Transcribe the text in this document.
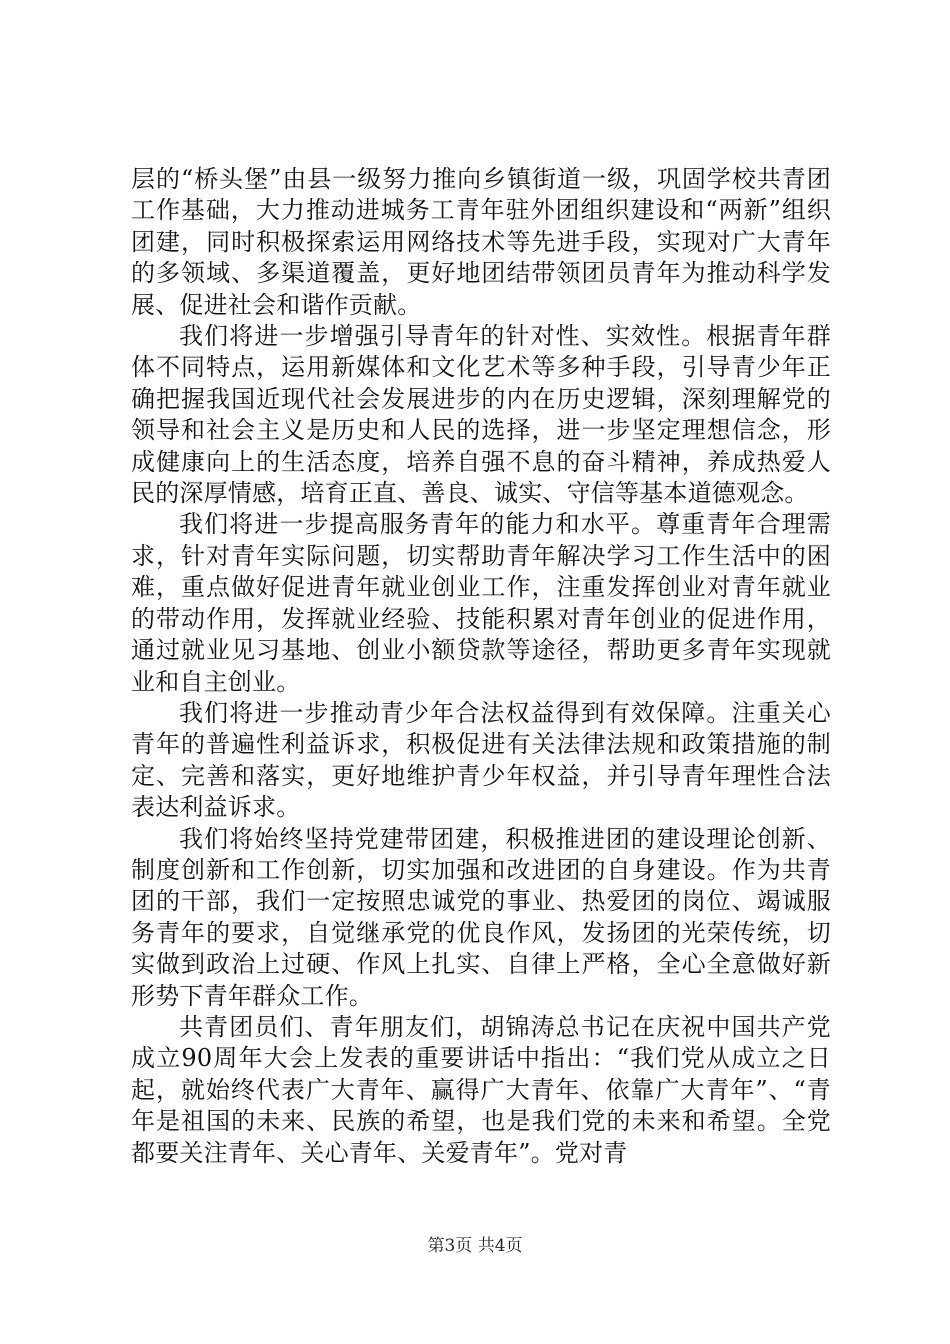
层的“桥头堡”由县一级努力推向乡镇街道一级，巩固学校共青团工作基础，大力推动进城务工青年驻外团组织建设和“两新”组织团建，同时积极探索运用网络技术等先进手段，实现对广大青年的多领域、多渠道覆盖，更好地团结带领团员青年为推动科学发展、促进社会和谐作贡献。

我们将进一步增强引导青年的针对性、实效性。根据青年群体不同特点，运用新媒体和文化艺术等多种手段，引导青少年正确把握我国近现代社会发展进步的内在历史逻辑，深刻理解党的领导和社会主义是历史和人民的选择，进一步坚定理想信念，形成健康向上的生活态度，培养自强不息的奋斗精神，养成热爱人民的深厚情感，培育正直、善良、诚实、守信等基本道德观念。

我们将进一步提高服务青年的能力和水平。尊重青年合理需求，针对青年实际问题，切实帮助青年解决学习工作生活中的困难，重点做好促进青年就业创业工作，注重发挥创业对青年就业的带动作用，发挥就业经验、技能积累对青年创业的促进作用，通过就业见习基地、创业小额贷款等途径，帮助更多青年实现就业和自主创业。

我们将进一步推动青少年合法权益得到有效保障。注重关心青年的普遍性利益诉求，积极促进有关法律法规和政策措施的制定、完善和落实，更好地维护青少年权益，并引导青年理性合法表达利益诉求。

我们将始终坚持党建带团建，积极推进团的建设理论创新、制度创新和工作创新，切实加强和改进团的自身建设。作为共青团的干部，我们一定按照忠诚党的事业、热爱团的岗位、竭诚服务青年的要求，自觉继承党的优良作风，发扬团的光荣传统，切实做到政治上过硬、作风上扎实、自律上严格，全心全意做好新形势下青年群众工作。

共青团员们、青年朋友们，胡锦涛总书记在庆祝中国共产党成立90周年大会上发表的重要讲话中指出：“我们党从成立之日起，就始终代表广大青年、赢得广大青年、依靠广大青年”、“青年是祖国的未来、民族的希望，也是我们党的未来和希望。全党都要关注青年、关心青年、关爱青年”。党对青

第3页 共4页
